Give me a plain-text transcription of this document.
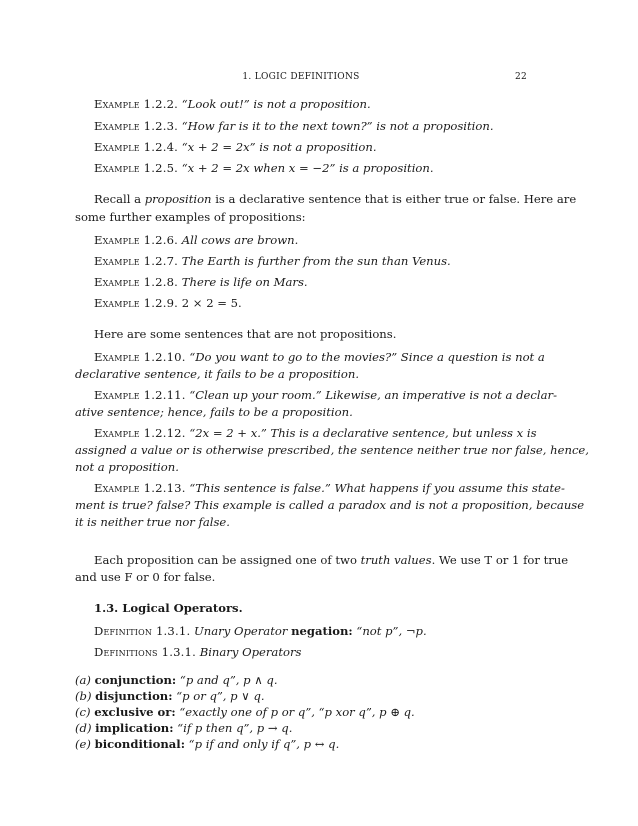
1. LOGIC DEFINITIONS	22
Example 1.2.2. “Look out!” is not a proposition.
Example 1.2.3. “How far is it to the next town?” is not a proposition.
Example 1.2.4. “x + 2 = 2x” is not a proposition.
Example 1.2.5. “x + 2 = 2x when x = −2” is a proposition.
Recall a proposition is a declarative sentence that is either true or false. Here are
some further examples of propositions:
Example 1.2.6. All cows are brown.
Example 1.2.7. The Earth is further from the sun than Venus.
Example 1.2.8. There is life on Mars.
Example 1.2.9. 2 × 2 = 5.
Here are some sentences that are not propositions.
Example 1.2.10. “Do you want to go to the movies?” Since a question is not a
declarative sentence, it fails to be a proposition.
Example 1.2.11. “Clean up your room.” Likewise, an imperative is not a declar-
ative sentence; hence, fails to be a proposition.
Example 1.2.12. “2x = 2 + x.” This is a declarative sentence, but unless x is
assigned a value or is otherwise prescribed, the sentence neither true nor false, hence,
not a proposition.
Example 1.2.13. “This sentence is false.” What happens if you assume this state-
ment is true? false? This example is called a paradox and is not a proposition, because
it is neither true nor false.
Each proposition can be assigned one of two truth values. We use T or 1 for true
and use F or 0 for false.
1.3. Logical Operators.
Definition 1.3.1. Unary Operator negation: “not p”, ¬p.
Definitions 1.3.1. Binary Operators
(a) conjunction: “p and q”, p ∧ q.
(b) disjunction: “p or q”, p ∨ q.
(c) exclusive or: “exactly one of p or q”, “p xor q”, p ⊕ q.
(d) implication: “if p then q”, p → q.
(e) biconditional: “p if and only if q”, p ↔ q.
